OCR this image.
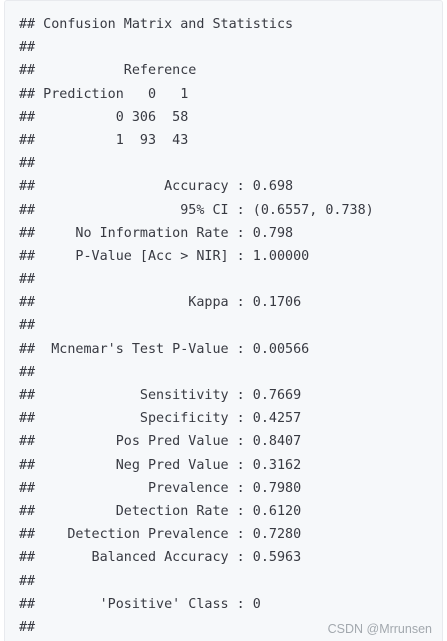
## Confusion Matrix and Statistics
##
##           Reference
## Prediction   0   1
##          0 306  58
##          1  93  43
##
##                Accuracy : 0.698
##                  95% CI : (0.6557, 0.738)
##     No Information Rate : 0.798
##     P-Value [Acc > NIR] : 1.00000
##
##                   Kappa : 0.1706
##
##  Mcnemar's Test P-Value : 0.00566
##
##             Sensitivity : 0.7669
##             Specificity : 0.4257
##          Pos Pred Value : 0.8407
##          Neg Pred Value : 0.3162
##              Prevalence : 0.7980
##          Detection Rate : 0.6120
##    Detection Prevalence : 0.7280
##       Balanced Accuracy : 0.5963
##
##        'Positive' Class : 0
##	CSDN @Mrrunsen
